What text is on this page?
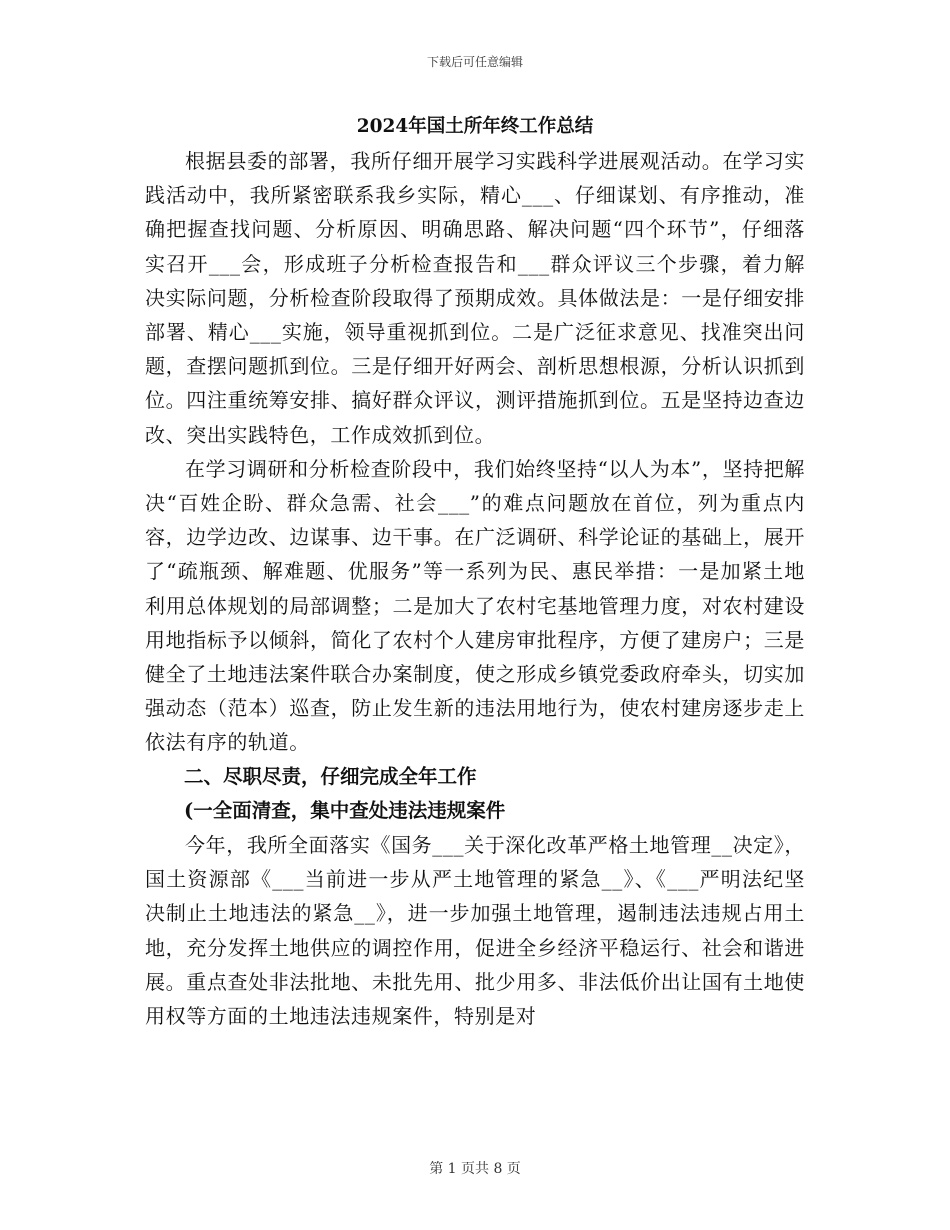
下载后可任意编辑
2024年国土所年终工作总结

根据县委的部署，我所仔细开展学习实践科学进展观活动。在学习实践活动中，我所紧密联系我乡实际，精心___、仔细谋划、有序推动，准确把握查找问题、分析原因、明确思路、解决问题“四个环节”，仔细落实召开___会，形成班子分析检查报告和___群众评议三个步骤，着力解决实际问题，分析检查阶段取得了预期成效。具体做法是：一是仔细安排部署、精心___实施，领导重视抓到位。二是广泛征求意见、找准突出问题，查摆问题抓到位。三是仔细开好两会、剖析思想根源，分析认识抓到位。四注重统筹安排、搞好群众评议，测评措施抓到位。五是坚持边查边改、突出实践特色，工作成效抓到位。

在学习调研和分析检查阶段中，我们始终坚持“以人为本”，坚持把解决“百姓企盼、群众急需、社会___”的难点问题放在首位，列为重点内容，边学边改、边谋事、边干事。在广泛调研、科学论证的基础上，展开了“疏瓶颈、解难题、优服务”等一系列为民、惠民举措：一是加紧土地利用总体规划的局部调整；二是加大了农村宅基地管理力度，对农村建设用地指标予以倾斜，简化了农村个人建房审批程序，方便了建房户；三是健全了土地违法案件联合办案制度，使之形成乡镇党委政府牵头，切实加强动态（范本）巡查，防止发生新的违法用地行为，使农村建房逐步走上依法有序的轨道。

二、尽职尽责，仔细完成全年工作

(一全面清查，集中查处违法违规案件

今年，我所全面落实《国务___关于深化改革严格土地管理__决定》，国土资源部《___当前进一步从严土地管理的紧急__》、《___严明法纪坚决制止土地违法的紧急__》，进一步加强土地管理，遏制违法违规占用土地，充分发挥土地供应的调控作用，促进全乡经济平稳运行、社会和谐进展。重点查处非法批地、未批先用、批少用多、非法低价出让国有土地使用权等方面的土地违法违规案件，特别是对

第 1 页共 8 页
